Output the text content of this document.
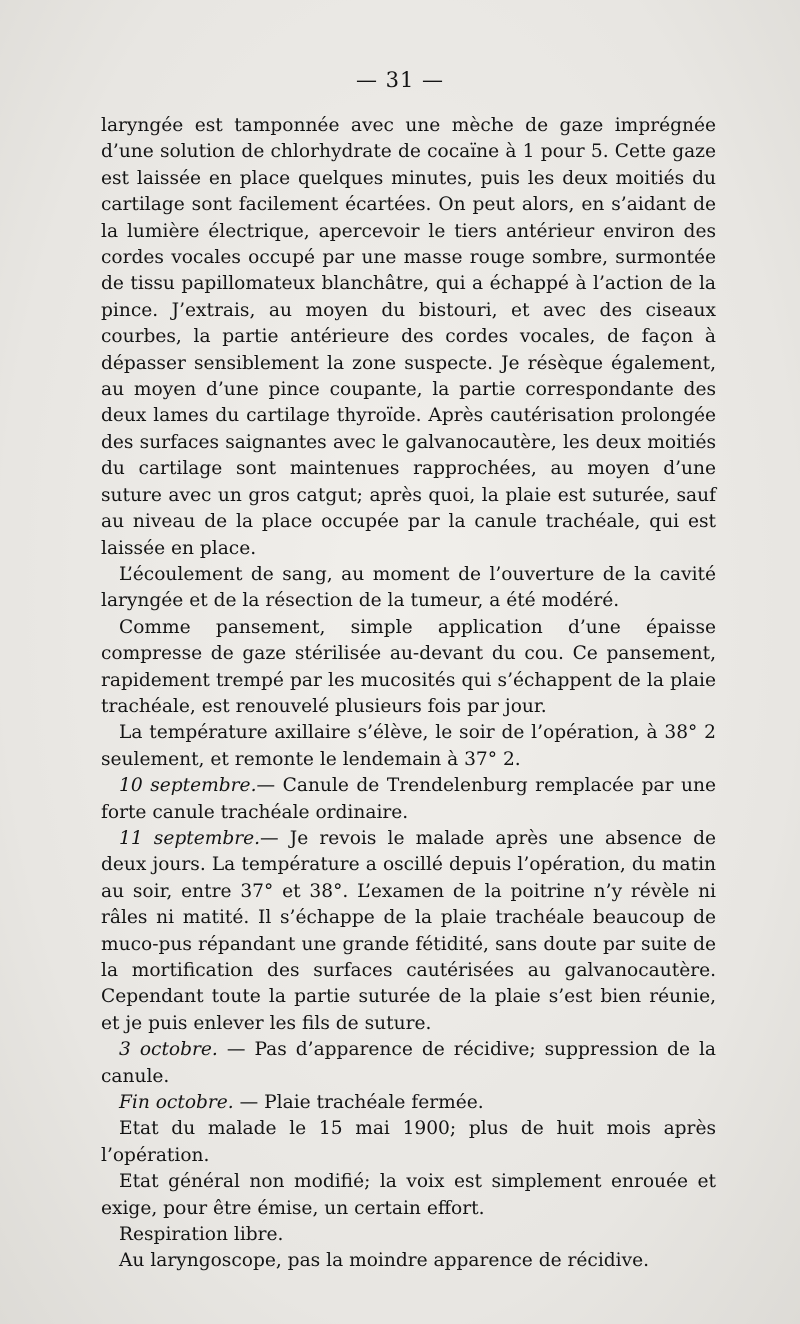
— 31 —

laryngée est tamponnée avec une mèche de gaze imprégnée d’une solution de chlorhydrate de cocaïne à 1 pour 5. Cette gaze est laissée en place quelques minutes, puis les deux moitiés du cartilage sont facilement écartées. On peut alors, en s’aidant de la lumière électrique, apercevoir le tiers antérieur environ des cordes vocales occupé par une masse rouge sombre, surmontée de tissu papillomateux blanchâtre, qui a échappé à l’action de la pince. J’extrais, au moyen du bistouri, et avec des ciseaux courbes, la partie antérieure des cordes vocales, de façon à dépasser sensiblement la zone suspecte. Je résèque également, au moyen d’une pince coupante, la partie correspondante des deux lames du cartilage thyroïde. Après cautérisation prolongée des surfaces saignantes avec le galvanocautère, les deux moitiés du cartilage sont maintenues rapprochées, au moyen d’une suture avec un gros catgut; après quoi, la plaie est suturée, sauf au niveau de la place occupée par la canule trachéale, qui est laissée en place.

L’écoulement de sang, au moment de l’ouverture de la cavité laryngée et de la résection de la tumeur, a été modéré.

Comme pansement, simple application d’une épaisse compresse de gaze stérilisée au-devant du cou. Ce pansement, rapidement trempé par les mucosités qui s’échappent de la plaie trachéale, est renouvelé plusieurs fois par jour.

La température axillaire s’élève, le soir de l’opération, à 38° 2 seulement, et remonte le lendemain à 37° 2.

10 septembre.— Canule de Trendelenburg remplacée par une forte canule trachéale ordinaire.

11 septembre.— Je revois le malade après une absence de deux jours. La température a oscillé depuis l’opération, du matin au soir, entre 37° et 38°. L’examen de la poitrine n’y révèle ni râles ni matité. Il s’échappe de la plaie trachéale beaucoup de muco-pus répandant une grande fétidité, sans doute par suite de la mortification des surfaces cautérisées au galvanocautère. Cependant toute la partie suturée de la plaie s’est bien réunie, et je puis enlever les fils de suture.

3 octobre. — Pas d’apparence de récidive; suppression de la canule.

Fin octobre. — Plaie trachéale fermée.

Etat du malade le 15 mai 1900; plus de huit mois après l’opération.

Etat général non modifié; la voix est simplement enrouée et exige, pour être émise, un certain effort.

Respiration libre.

Au laryngoscope, pas la moindre apparence de récidive.
